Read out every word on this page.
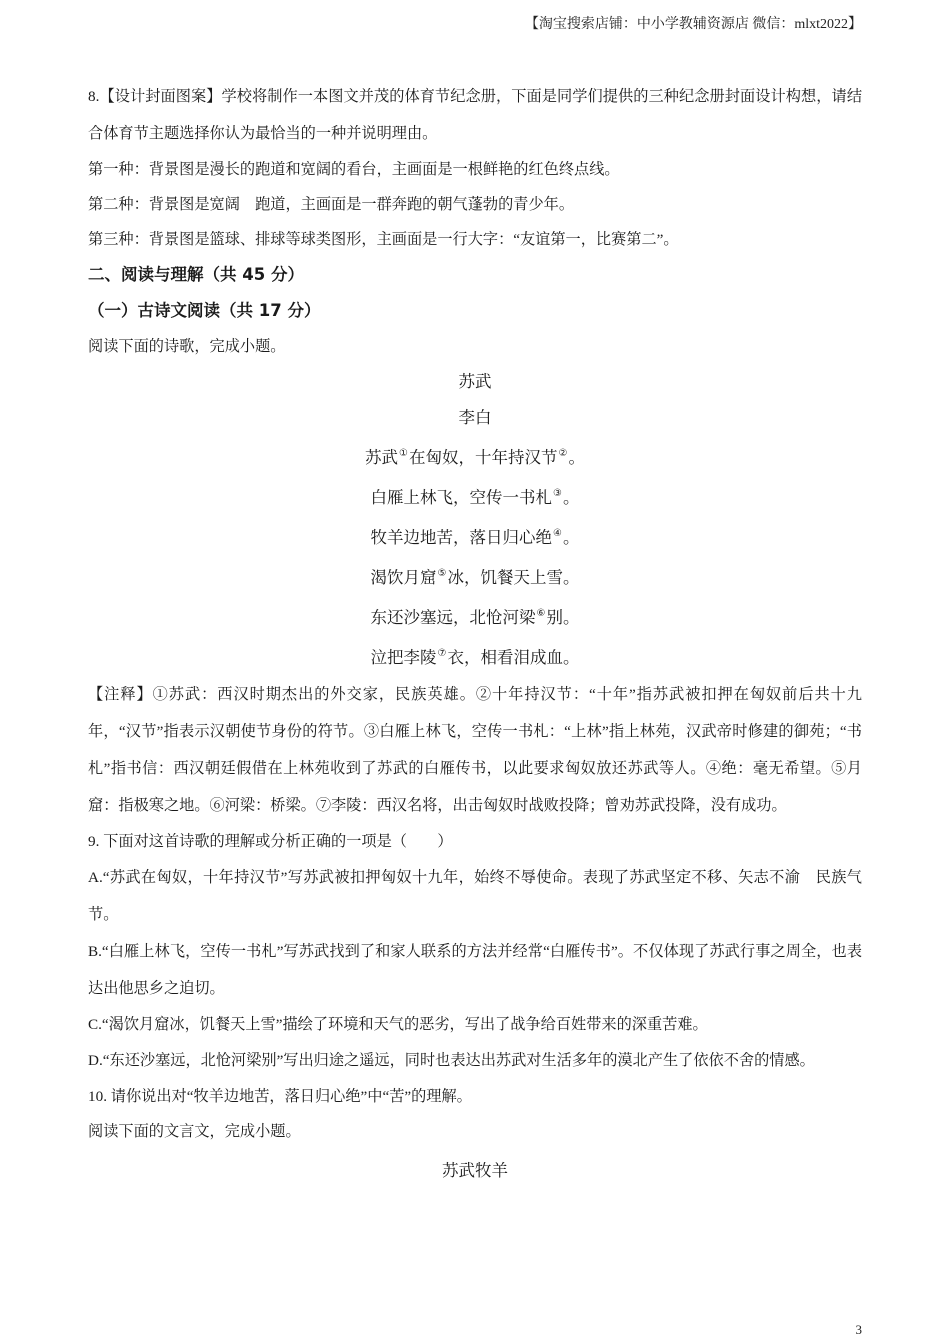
【淘宝搜索店铺：中小学教辅资源店 微信：mlxt2022】

8.【设计封面图案】学校将制作一本图文并茂的体育节纪念册，下面是同学们提供的三种纪念册封面设计构想，请结合体育节主题选择你认为最恰当的一种并说明理由。

第一种：背景图是漫长的跑道和宽阔的看台，主画面是一根鲜艳的红色终点线。

第二种：背景图是宽阔　跑道，主画面是一群奔跑的朝气蓬勃的青少年。

第三种：背景图是篮球、排球等球类图形，主画面是一行大字：“友谊第一，比赛第二”。

二、阅读与理解（共 45 分）

（一）古诗文阅读（共 17 分）

阅读下面的诗歌，完成小题。

苏武

李白

苏武①在匈奴，十年持汉节②。

白雁上林飞，空传一书札③。

牧羊边地苦，落日归心绝④。

渴饮月窟⑤冰，饥餐天上雪。

东还沙塞远，北怆河梁⑥别。

泣把李陵⑦衣，相看泪成血。

【注释】①苏武：西汉时期杰出的外交家，民族英雄。②十年持汉节：“十年”指苏武被扣押在匈奴前后共十九年，“汉节”指表示汉朝使节身份的符节。③白雁上林飞，空传一书札：“上林”指上林苑，汉武帝时修建的御苑；“书札”指书信：西汉朝廷假借在上林苑收到了苏武的白雁传书，以此要求匈奴放还苏武等人。④绝：毫无希望。⑤月窟：指极寒之地。⑥河梁：桥梁。⑦李陵：西汉名将，出击匈奴时战败投降；曾劝苏武投降，没有成功。

9. 下面对这首诗歌的理解或分析正确的一项是（　　）

A.“苏武在匈奴，十年持汉节”写苏武被扣押匈奴十九年，始终不辱使命。表现了苏武坚定不移、矢志不渝　民族气节。

B.“白雁上林飞，空传一书札”写苏武找到了和家人联系的方法并经常“白雁传书”。不仅体现了苏武行事之周全，也表达出他思乡之迫切。

C.“渴饮月窟冰，饥餐天上雪”描绘了环境和天气的恶劣，写出了战争给百姓带来的深重苦难。

D.“东还沙塞远，北怆河梁别”写出归途之遥远，同时也表达出苏武对生活多年的漠北产生了依依不舍的情感。

10. 请你说出对“牧羊边地苦，落日归心绝”中“苦”的理解。

阅读下面的文言文，完成小题。

苏武牧羊

3
